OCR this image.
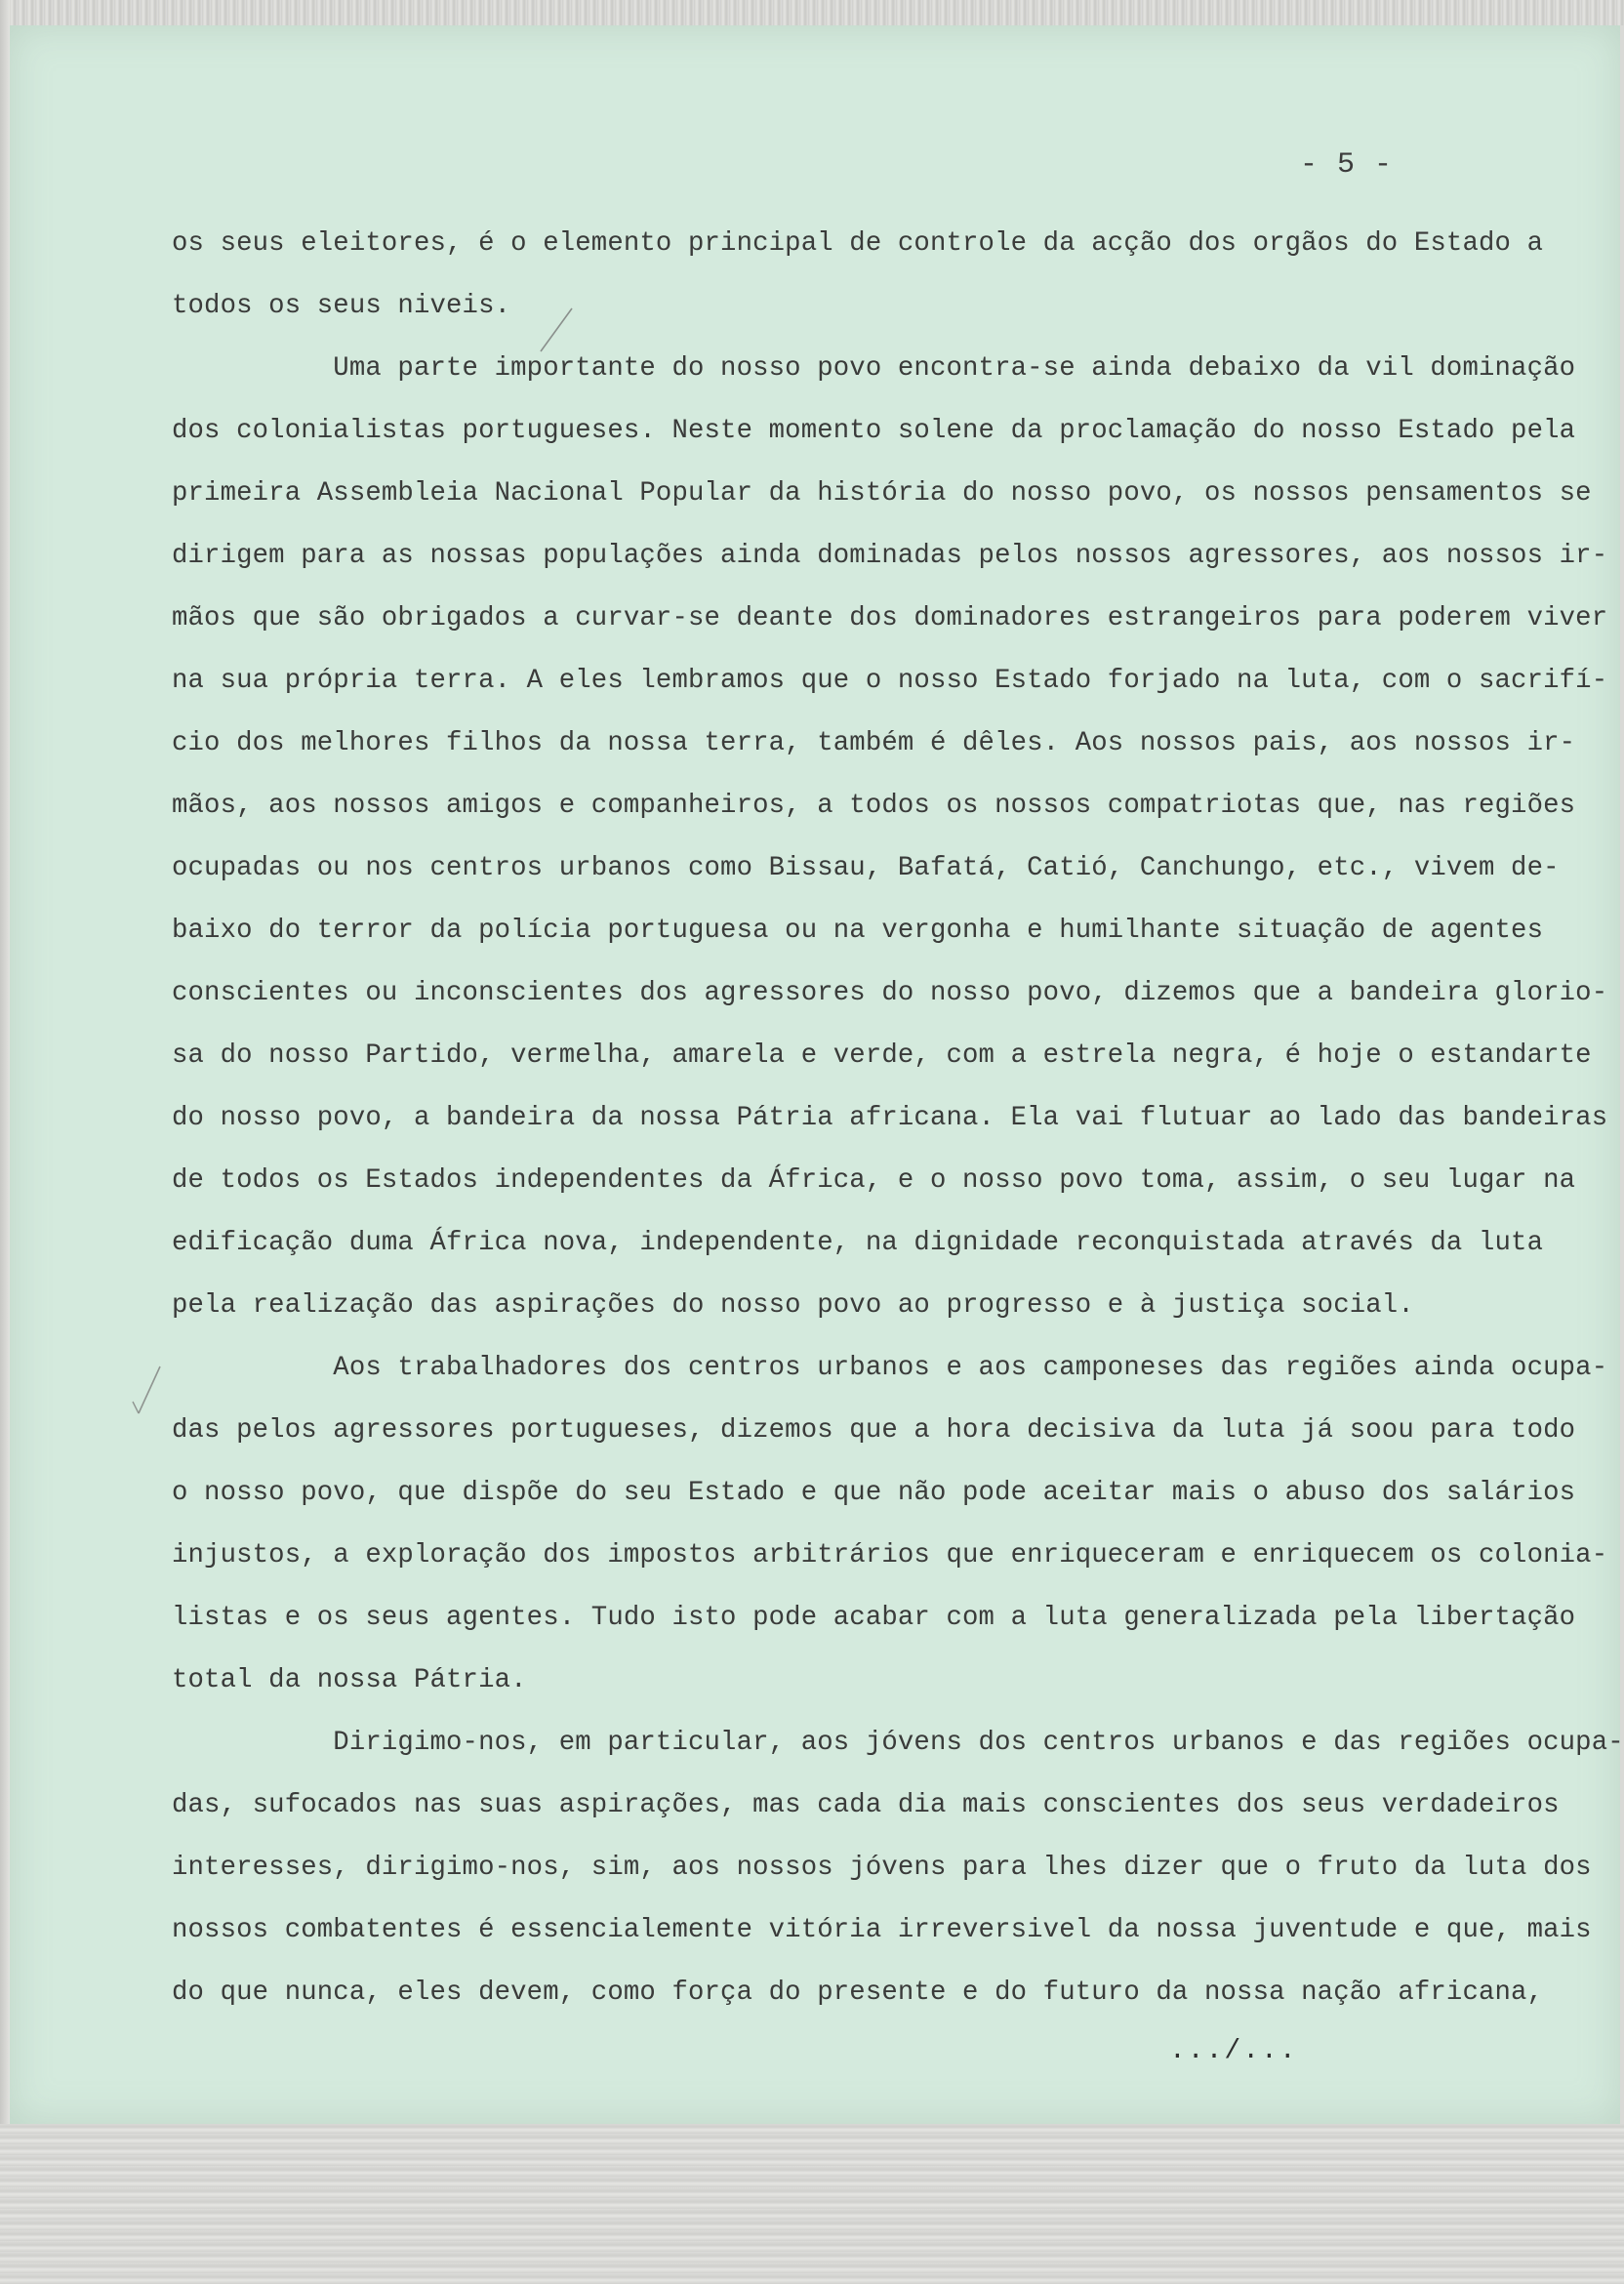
- 5 -
os seus eleitores, é o elemento principal de controle da acção dos orgãos do Estado a
todos os seus niveis.
Uma parte importante do nosso povo encontra-se ainda debaixo da vil dominação
dos colonialistas portugueses. Neste momento solene da proclamação do nosso Estado pela
primeira Assembleia Nacional Popular da história do nosso povo, os nossos pensamentos se
dirigem para as nossas populações ainda dominadas pelos nossos agressores, aos nossos ir-
mãos que são obrigados a curvar-se deante dos dominadores estrangeiros para poderem viver
na sua própria terra. A eles lembramos que o nosso Estado forjado na luta, com o sacrifí-
cio dos melhores filhos da nossa terra, também é dêles. Aos nossos pais, aos nossos ir-
mãos, aos nossos amigos e companheiros, a todos os nossos compatriotas que, nas regiões
ocupadas ou nos centros urbanos como Bissau, Bafatá, Catió, Canchungo, etc., vivem de-
baixo do terror da polícia portuguesa ou na vergonha e humilhante situação de agentes
conscientes ou inconscientes dos agressores do nosso povo, dizemos que a bandeira glorio-
sa do nosso Partido, vermelha, amarela e verde, com a estrela negra, é hoje o estandarte
do nosso povo, a bandeira da nossa Pátria africana. Ela vai flutuar ao lado das bandeiras
de todos os Estados independentes da África, e o nosso povo toma, assim, o seu lugar na
edificação duma África nova, independente, na dignidade reconquistada através da luta
pela realização das aspirações do nosso povo ao progresso e à justiça social.
Aos trabalhadores dos centros urbanos e aos camponeses das regiões ainda ocupa-
das pelos agressores portugueses, dizemos que a hora decisiva da luta já soou para todo
o nosso povo, que dispõe do seu Estado e que não pode aceitar mais o abuso dos salários
injustos, a exploração dos impostos arbitrários que enriqueceram e enriquecem os colonia-
listas e os seus agentes. Tudo isto pode acabar com a luta generalizada pela libertação
total da nossa Pátria.
Dirigimo-nos, em particular, aos jóvens dos centros urbanos e das regiões ocupa-
das, sufocados nas suas aspirações, mas cada dia mais conscientes dos seus verdadeiros
interesses, dirigimo-nos, sim, aos nossos jóvens para lhes dizer que o fruto da luta dos
nossos combatentes é essencialemente vitória irreversivel da nossa juventude e que, mais
do que nunca, eles devem, como força do presente e do futuro da nossa nação africana,
.../...
